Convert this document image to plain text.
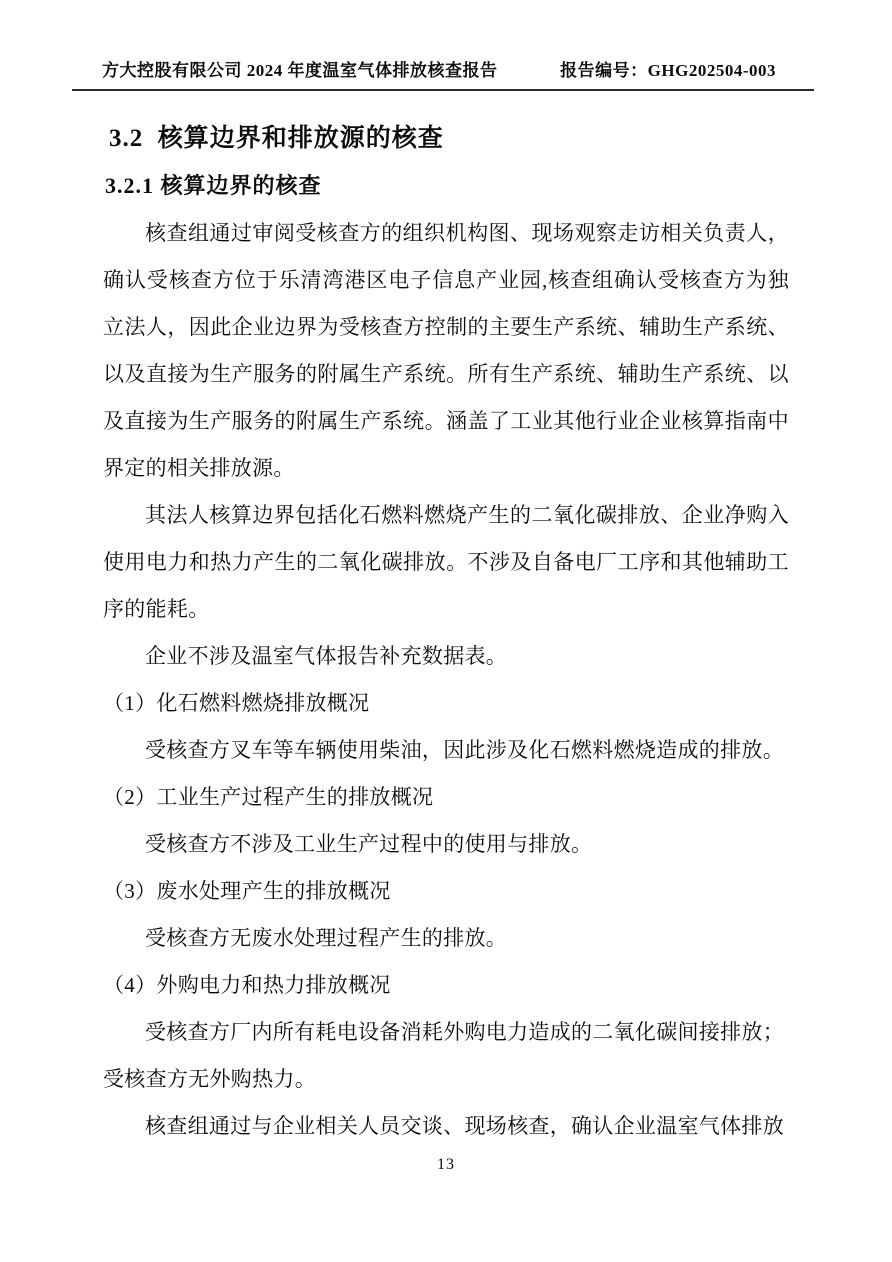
方大控股有限公司 2024 年度温室气体排放核查报告	报告编号：GHG202504-003
3.2  核算边界和排放源的核查
3.2.1 核算边界的核查

核查组通过审阅受核查方的组织机构图、现场观察走访相关负责人，确认受核查方位于乐清湾港区电子信息产业园,核查组确认受核查方为独立法人，因此企业边界为受核查方控制的主要生产系统、辅助生产系统、以及直接为生产服务的附属生产系统。所有生产系统、辅助生产系统、以及直接为生产服务的附属生产系统。涵盖了工业其他行业企业核算指南中界定的相关排放源。

其法人核算边界包括化石燃料燃烧产生的二氧化碳排放、企业净购入使用电力和热力产生的二氧化碳排放。不涉及自备电厂工序和其他辅助工序的能耗。

企业不涉及温室气体报告补充数据表。

（1）化石燃料燃烧排放概况

受核查方叉车等车辆使用柴油，因此涉及化石燃料燃烧造成的排放。

（2）工业生产过程产生的排放概况

受核查方不涉及工业生产过程中的使用与排放。

（3）废水处理产生的排放概况

受核查方无废水处理过程产生的排放。

（4）外购电力和热力排放概况

受核查方厂内所有耗电设备消耗外购电力造成的二氧化碳间接排放；

受核查方无外购热力。

核查组通过与企业相关人员交谈、现场核查，确认企业温室气体排放

13
